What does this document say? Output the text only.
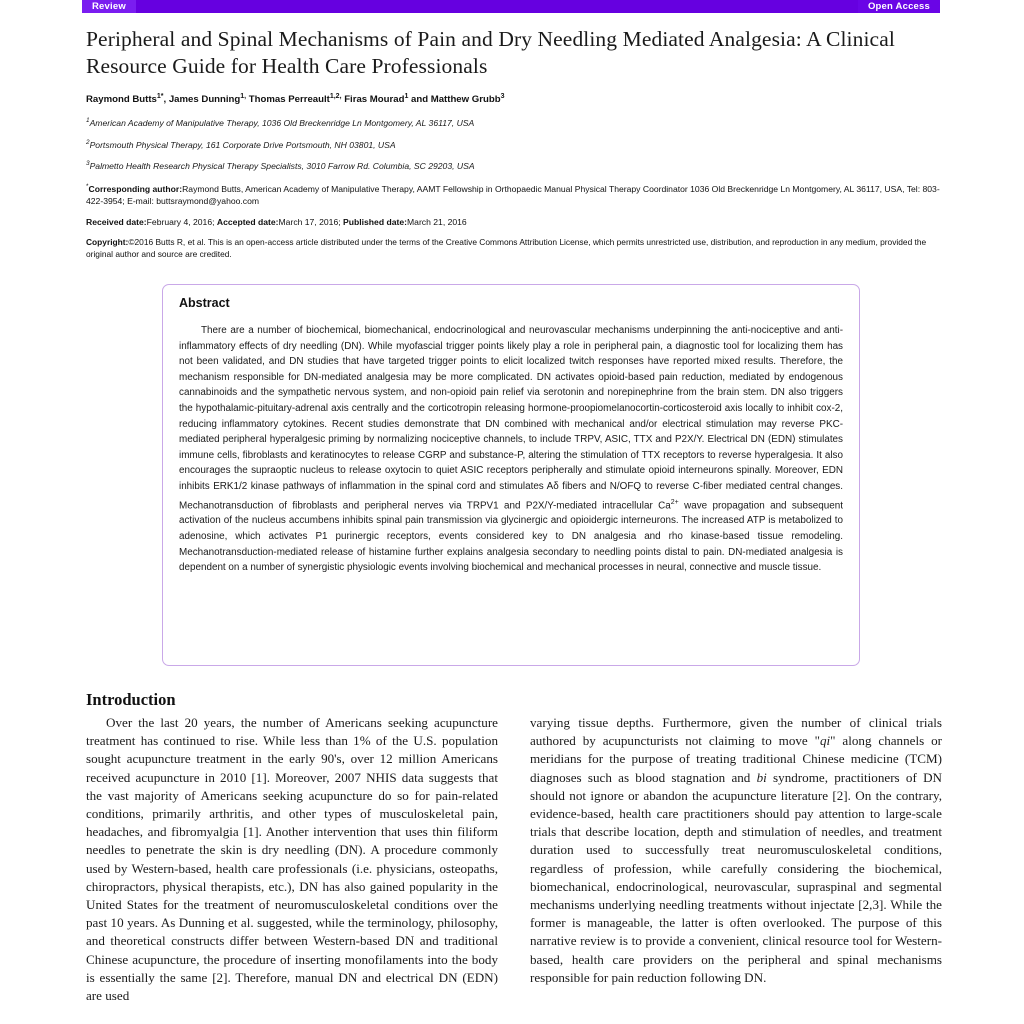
Review	Open Access
Peripheral and Spinal Mechanisms of Pain and Dry Needling Mediated Analgesia: A Clinical Resource Guide for Health Care Professionals
Raymond Butts$^{1*}$, James Dunning$^{1,}$ Thomas Perreault$^{1,2,}$ Firas Mourad$^1$ and Matthew Grubb$^3$
$^1$American Academy of Manipulative Therapy, 1036 Old Breckenridge Ln Montgomery, AL 36117, USA
$^2$Portsmouth Physical Therapy, 161 Corporate Drive Portsmouth, NH 03801, USA
$^3$Palmetto Health Research Physical Therapy Specialists, 3010 Farrow Rd. Columbia, SC 29203, USA
*Corresponding author:Raymond Butts, American Academy of Manipulative Therapy, AAMT Fellowship in Orthopaedic Manual Physical Therapy Coordinator 1036 Old Breckenridge Ln Montgomery, AL 36117, USA, Tel: 803-422-3954; E-mail: buttsraymond@yahoo.com
Received date:February 4, 2016; Accepted date:March 17, 2016; Published date:March 21, 2016
Copyright:©2016 Butts R, et al. This is an open-access article distributed under the terms of the Creative Commons Attribution License, which permits unrestricted use, distribution, and reproduction in any medium, provided the original author and source are credited.
Abstract
There are a number of biochemical, biomechanical, endocrinological and neurovascular mechanisms underpinning the anti-nociceptive and anti-inflammatory effects of dry needling (DN). While myofascial trigger points likely play a role in peripheral pain, a diagnostic tool for localizing them has not been validated, and DN studies that have targeted trigger points to elicit localized twitch responses have reported mixed results. Therefore, the mechanism responsible for DN-mediated analgesia may be more complicated. DN activates opioid-based pain reduction, mediated by endogenous cannabinoids and the sympathetic nervous system, and non-opioid pain relief via serotonin and norepinephrine from the brain stem. DN also triggers the hypothalamic-pituitary-adrenal axis centrally and the corticotropin releasing hormone-proopiomelanocortin-corticosteroid axis locally to inhibit cox-2, reducing inflammatory cytokines. Recent studies demonstrate that DN combined with mechanical and/or electrical stimulation may reverse PKC-mediated peripheral hyperalgesic priming by normalizing nociceptive channels, to include TRPV, ASIC, TTX and P2X/Y. Electrical DN (EDN) stimulates immune cells, fibroblasts and keratinocytes to release CGRP and substance-P, altering the stimulation of TTX receptors to reverse hyperalgesia. It also encourages the supraoptic nucleus to release oxytocin to quiet ASIC receptors peripherally and stimulate opioid interneurons spinally. Moreover, EDN inhibits ERK1/2 kinase pathways of inflammation in the spinal cord and stimulates Aδ fibers and N/OFQ to reverse C-fiber mediated central changes. Mechanotransduction of fibroblasts and peripheral nerves via TRPV1 and P2X/Y-mediated intracellular $Ca^{2+}$ wave propagation and subsequent activation of the nucleus accumbens inhibits spinal pain transmission via glycinergic and opioidergic interneurons. The increased ATP is metabolized to adenosine, which activates P1 purinergic receptors, events considered key to DN analgesia and rho kinase-based tissue remodeling. Mechanotransduction-mediated release of histamine further explains analgesia secondary to needling points distal to pain. DN-mediated analgesia is dependent on a number of synergistic physiologic events involving biochemical and mechanical processes in neural, connective and muscle tissue.
Introduction

Over the last 20 years, the number of Americans seeking acupuncture treatment has continued to rise. While less than 1% of the U.S. population sought acupuncture treatment in the early 90's, over 12 million Americans received acupuncture in 2010 [1]. Moreover, 2007 NHIS data suggests that the vast majority of Americans seeking acupuncture do so for pain-related conditions, primarily arthritis, and other types of musculoskeletal pain, headaches, and fibromyalgia [1]. Another intervention that uses thin filiform needles to penetrate the skin is dry needling (DN). A procedure commonly used by Western-based, health care professionals (i.e. physicians, osteopaths, chiropractors, physical therapists, etc.), DN has also gained popularity in the United States for the treatment of neuromusculoskeletal conditions over the past 10 years. As Dunning et al. suggested, while the terminology, philosophy, and theoretical constructs differ between Western-based DN and traditional Chinese acupuncture, the procedure of inserting monofilaments into the body is essentially the same [2]. Therefore, manual DN and electrical DN (EDN) are used

varying tissue depths. Furthermore, given the number of clinical trials authored by acupuncturists not claiming to move "qi" along channels or meridians for the purpose of treating traditional Chinese medicine (TCM) diagnoses such as blood stagnation and bi syndrome, practitioners of DN should not ignore or abandon the acupuncture literature [2]. On the contrary, evidence-based, health care practitioners should pay attention to large-scale trials that describe location, depth and stimulation of needles, and treatment duration used to successfully treat neuromusculoskeletal conditions, regardless of profession, while carefully considering the biochemical, biomechanical, endocrinological, neurovascular, supraspinal and segmental mechanisms underlying needling treatments without injectate [2,3]. While the former is manageable, the latter is often overlooked. The purpose of this narrative review is to provide a convenient, clinical resource tool for Western-based, health care providers on the peripheral and spinal mechanisms responsible for pain reduction following DN.
